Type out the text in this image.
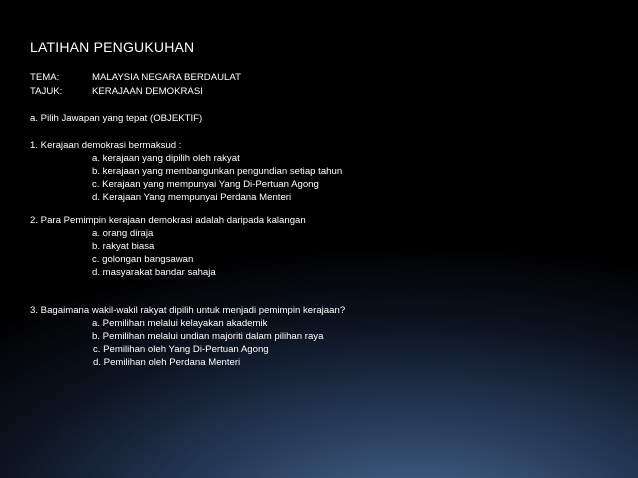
LATIHAN PENGUKUHAN
TEMA:	MALAYSIA NEGARA BERDAULAT
TAJUK:	KERAJAAN DEMOKRASI
a. Pilih Jawapan yang tepat (OBJEKTIF)
1. Kerajaan demokrasi bermaksud :
a. kerajaan yang dipilih oleh rakyat
b. kerajaan yang membangunkan pengundian setiap tahun
c. Kerajaan yang mempunyai Yang Di-Pertuan Agong
d. Kerajaan Yang mempunyai Perdana Menteri
2. Para Pemimpin kerajaan demokrasi adalah daripada kalangan
a. orang diraja
b. rakyat biasa
c. golongan bangsawan
d. masyarakat bandar sahaja
3. Bagaimana wakil-wakil rakyat dipilih untuk menjadi pemimpin kerajaan?
a. Pemilihan melalui kelayakan akademik
b. Pemilihan melalui undian majoriti dalam pilihan raya
c. Pemilihan oleh Yang Di-Pertuan Agong
d. Pemilihan oleh Perdana Menteri
